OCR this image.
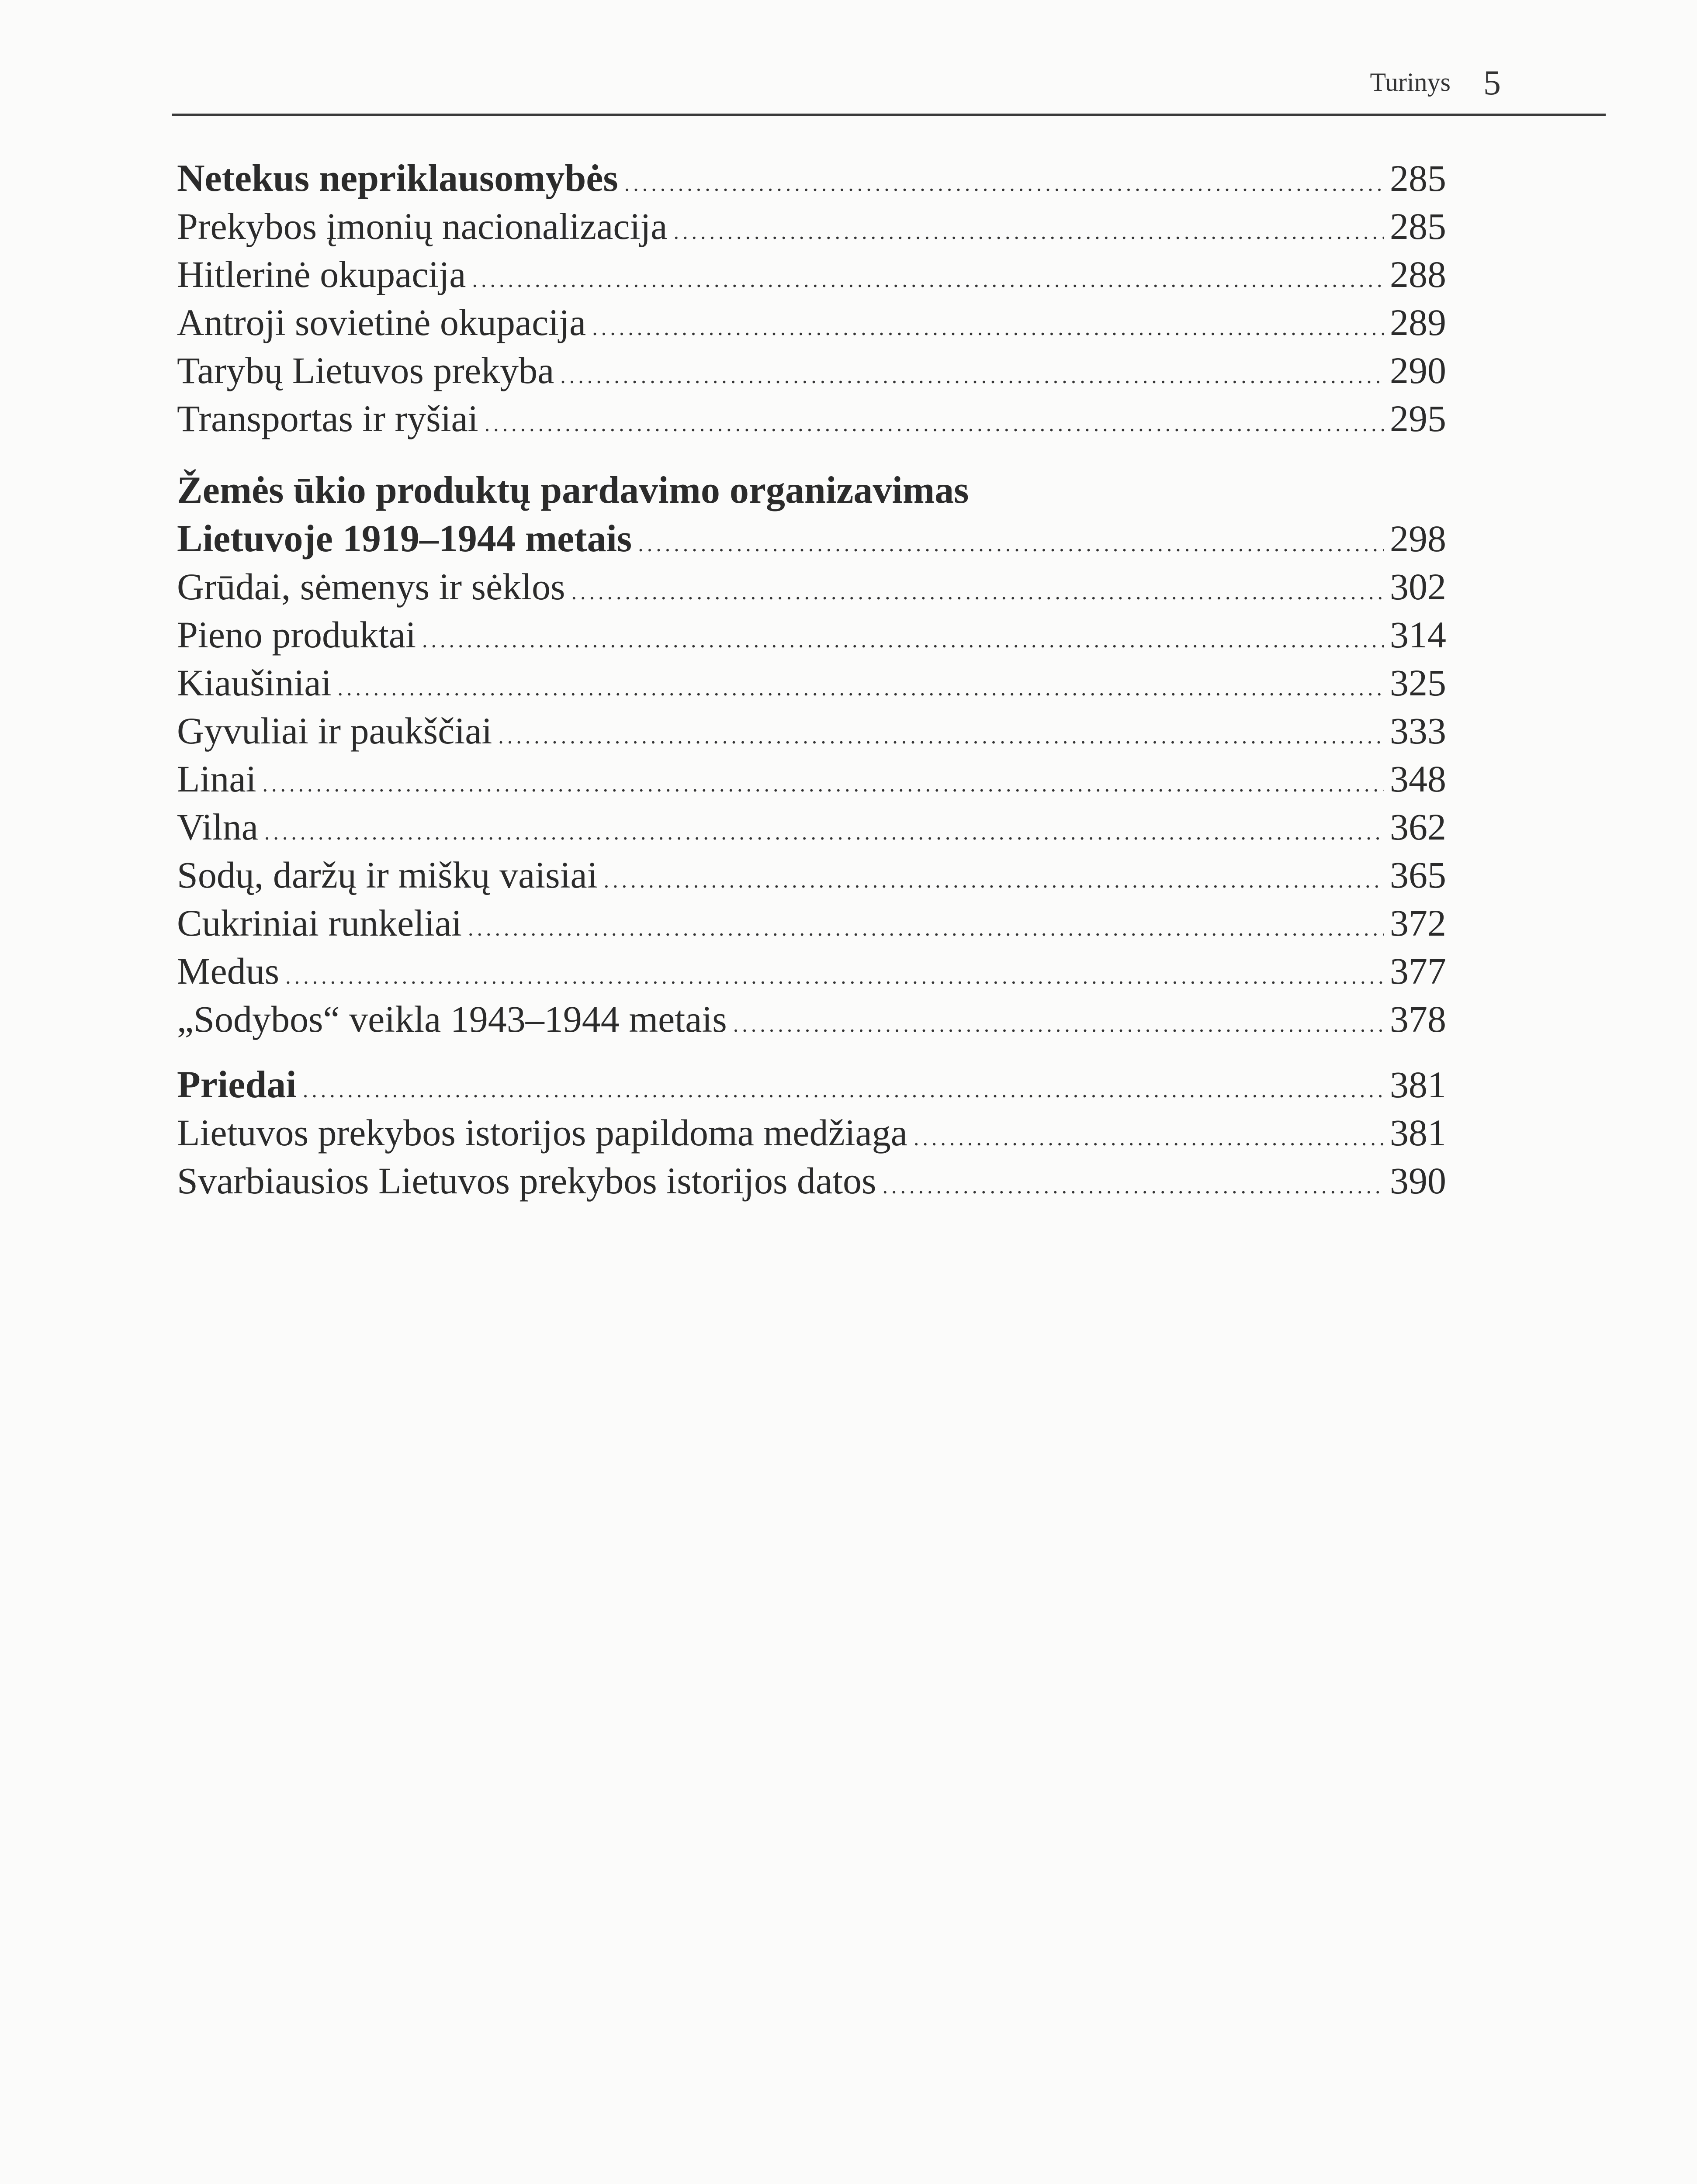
Turinys 5
Netekus nepriklausomybės .....	285
Prekybos įmonių nacionalizacija .....	285
Hitlerinė okupacija .....	288
Antroji sovietinė okupacija .....	289
Tarybų Lietuvos prekyba .....	290
Transportas ir ryšiai .....	295
Žemės ūkio produktų pardavimo organizavimas
Lietuvoje 1919–1944 metais .....	298
Grūdai, sėmenys ir sėklos .....	302
Pieno produktai .....	314
Kiaušiniai .....	325
Gyvuliai ir paukščiai .....	333
Linai .....	348
Vilna .....	362
Sodų, daržų ir miškų vaisiai .....	365
Cukriniai runkeliai .....	372
Medus .....	377
„Sodybos“ veikla 1943–1944 metais .....	378
Priedai .....	381
Lietuvos prekybos istorijos papildoma medžiaga .....	381
Svarbiausios Lietuvos prekybos istorijos datos .....	390
